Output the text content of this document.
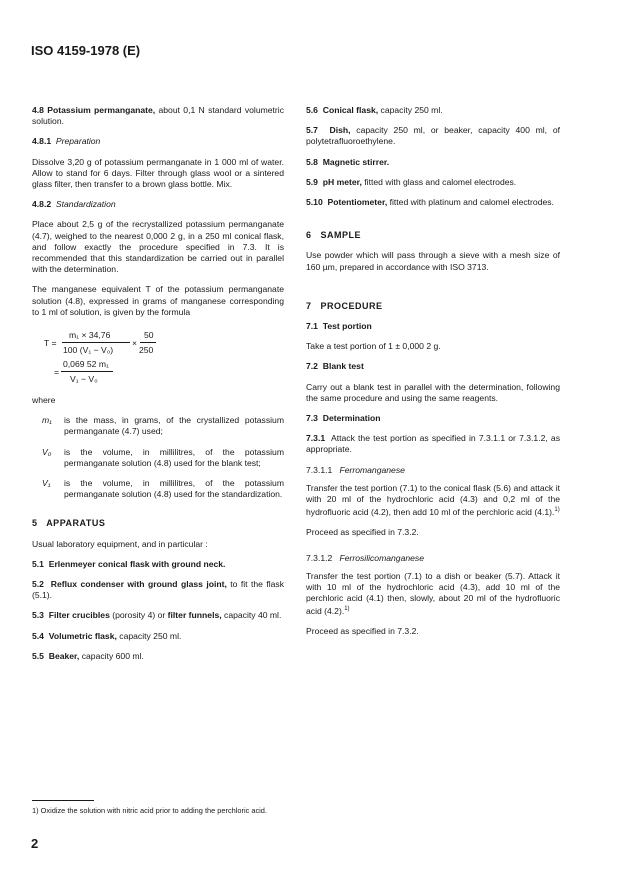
ISO 4159-1978 (E)

4.8 Potassium permanganate, about 0,1 N standard volumetric solution.

4.8.1 Preparation

Dissolve 3,20 g of potassium permanganate in 1 000 ml of water. Allow to stand for 6 days. Filter through glass wool or a sintered glass filter, then transfer to a brown glass bottle. Mix.

4.8.2 Standardization

Place about 2,5 g of the recrystallized potassium permanganate (4.7), weighed to the nearest 0,000 2 g, in a 250 ml conical flask, and follow exactly the procedure specified in 7.3. It is recommended that this standardization be carried out in parallel with the determination.

The manganese equivalent T of the potassium permanganate solution (4.8), expressed in grams of manganese corresponding to 1 ml of solution, is given by the formula

T =
m₁ × 34,76
100 (V₁ − V₀)
×
50
250
=
0,069 52 m₁
V₁ − V₀

where

m₁	is the mass, in grams, of the crystallized potassium permanganate (4.7) used;
V₀	is the volume, in millilitres, of the potassium permanganate solution (4.8) used for the blank test;
V₁	is the volume, in millilitres, of the potassium permanganate solution (4.8) used for the standardization.
5 APPARATUS

Usual laboratory equipment, and in particular :

5.1 Erlenmeyer conical flask with ground neck.

5.2 Reflux condenser with ground glass joint, to fit the flask (5.1).

5.3 Filter crucibles (porosity 4) or filter funnels, capacity 40 ml.

5.4 Volumetric flask, capacity 250 ml.

5.5 Beaker, capacity 600 ml.

5.6 Conical flask, capacity 250 ml.

5.7 Dish, capacity 250 ml, or beaker, capacity 400 ml, of polytetrafluoroethylene.

5.8 Magnetic stirrer.

5.9 pH meter, fitted with glass and calomel electrodes.

5.10 Potentiometer, fitted with platinum and calomel electrodes.

6 SAMPLE

Use powder which will pass through a sieve with a mesh size of 160 µm, prepared in accordance with ISO 3713.

7 PROCEDURE

7.1 Test portion

Take a test portion of 1 ± 0,000 2 g.

7.2 Blank test

Carry out a blank test in parallel with the determination, following the same procedure and using the same reagents.

7.3 Determination

7.3.1 Attack the test portion as specified in 7.3.1.1 or 7.3.1.2, as appropriate.

7.3.1.1 Ferromanganese

Transfer the test portion (7.1) to the conical flask (5.6) and attack it with 20 ml of the hydrochloric acid (4.3) and 0,2 ml of the hydrofluoric acid (4.2), then add 10 ml of the perchloric acid (4.1).$^{1)}$

Proceed as specified in 7.3.2.

7.3.1.2 Ferrosilicomanganese

Transfer the test portion (7.1) to a dish or beaker (5.7). Attack it with 10 ml of the hydrochloric acid (4.3), add 10 ml of the perchloric acid (4.1) then, slowly, about 20 ml of the hydrofluoric acid (4.2).$^{1)}$

Proceed as specified in 7.3.2.

1) Oxidize the solution with nitric acid prior to adding the perchloric acid.
2
